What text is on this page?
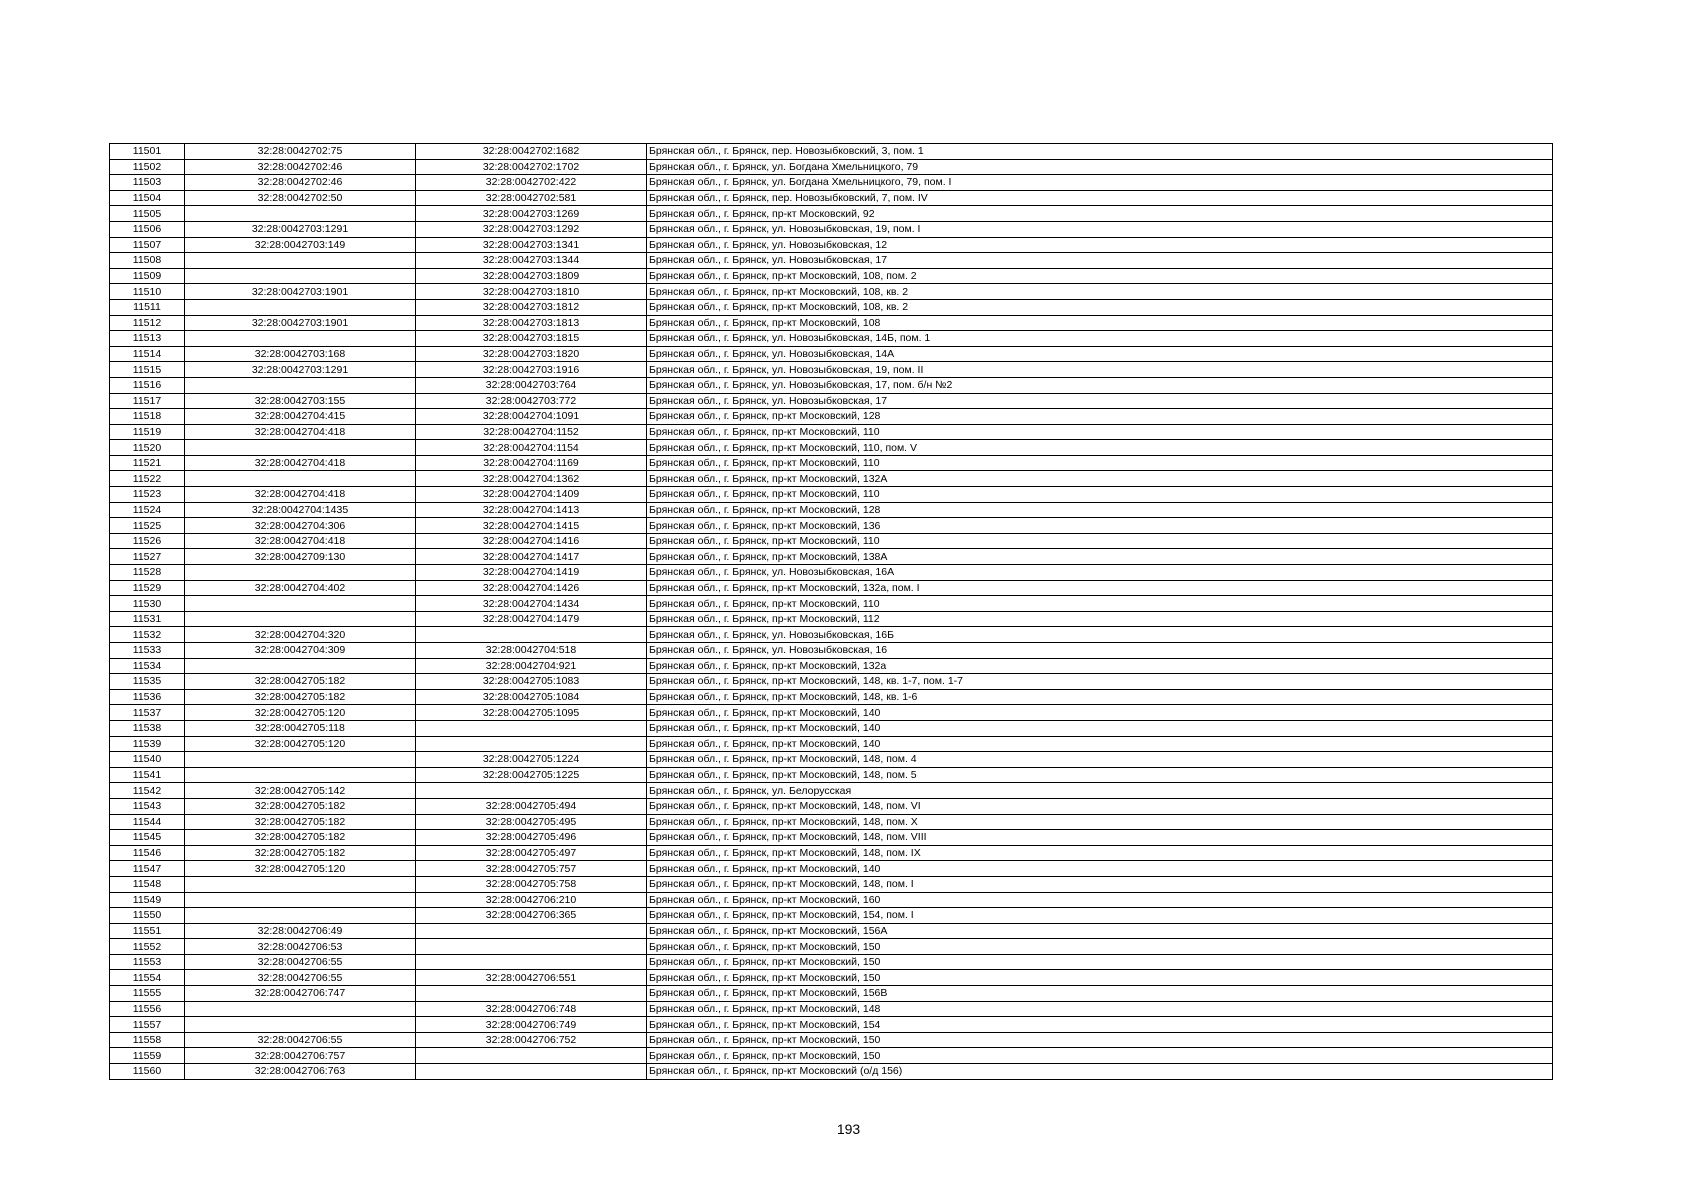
11501	32:28:0042702:75	32:28:0042702:1682	Брянская обл., г. Брянск, пер. Новозыбковский, 3, пом. 1
11502	32:28:0042702:46	32:28:0042702:1702	Брянская обл., г. Брянск, ул. Богдана Хмельницкого, 79
11503	32:28:0042702:46	32:28:0042702:422	Брянская обл., г. Брянск, ул. Богдана Хмельницкого, 79, пом. I
11504	32:28:0042702:50	32:28:0042702:581	Брянская обл., г. Брянск, пер. Новозыбковский, 7, пом. IV
11505		32:28:0042703:1269	Брянская обл., г. Брянск, пр-кт Московский, 92
11506	32:28:0042703:1291	32:28:0042703:1292	Брянская обл., г. Брянск, ул. Новозыбковская, 19, пом. I
11507	32:28:0042703:149	32:28:0042703:1341	Брянская обл., г. Брянск, ул. Новозыбковская, 12
11508		32:28:0042703:1344	Брянская обл., г. Брянск, ул. Новозыбковская, 17
11509		32:28:0042703:1809	Брянская обл., г. Брянск, пр-кт Московский, 108, пом. 2
11510	32:28:0042703:1901	32:28:0042703:1810	Брянская обл., г. Брянск, пр-кт Московский, 108, кв. 2
11511		32:28:0042703:1812	Брянская обл., г. Брянск, пр-кт Московский, 108, кв. 2
11512	32:28:0042703:1901	32:28:0042703:1813	Брянская обл., г. Брянск, пр-кт Московский, 108
11513		32:28:0042703:1815	Брянская обл., г. Брянск, ул. Новозыбковская, 14Б, пом. 1
11514	32:28:0042703:168	32:28:0042703:1820	Брянская обл., г. Брянск, ул. Новозыбковская, 14А
11515	32:28:0042703:1291	32:28:0042703:1916	Брянская обл., г. Брянск, ул. Новозыбковская, 19, пом. II
11516		32:28:0042703:764	Брянская обл., г. Брянск, ул. Новозыбковская, 17, пом. б/н №2
11517	32:28:0042703:155	32:28:0042703:772	Брянская обл., г. Брянск, ул. Новозыбковская, 17
11518	32:28:0042704:415	32:28:0042704:1091	Брянская обл., г. Брянск, пр-кт Московский, 128
11519	32:28:0042704:418	32:28:0042704:1152	Брянская обл., г. Брянск, пр-кт Московский, 110
11520		32:28:0042704:1154	Брянская обл., г. Брянск, пр-кт Московский, 110, пом. V
11521	32:28:0042704:418	32:28:0042704:1169	Брянская обл., г. Брянск, пр-кт Московский, 110
11522		32:28:0042704:1362	Брянская обл., г. Брянск, пр-кт Московский, 132А
11523	32:28:0042704:418	32:28:0042704:1409	Брянская обл., г. Брянск, пр-кт Московский, 110
11524	32:28:0042704:1435	32:28:0042704:1413	Брянская обл., г. Брянск, пр-кт Московский, 128
11525	32:28:0042704:306	32:28:0042704:1415	Брянская обл., г. Брянск, пр-кт Московский, 136
11526	32:28:0042704:418	32:28:0042704:1416	Брянская обл., г. Брянск, пр-кт Московский, 110
11527	32:28:0042709:130	32:28:0042704:1417	Брянская обл., г. Брянск, пр-кт Московский, 138А
11528		32:28:0042704:1419	Брянская обл., г. Брянск, ул. Новозыбковская, 16А
11529	32:28:0042704:402	32:28:0042704:1426	Брянская обл., г. Брянск, пр-кт Московский, 132а, пом. I
11530		32:28:0042704:1434	Брянская обл., г. Брянск, пр-кт Московский, 110
11531		32:28:0042704:1479	Брянская обл., г. Брянск, пр-кт Московский, 112
11532	32:28:0042704:320		Брянская обл., г. Брянск, ул. Новозыбковская, 16Б
11533	32:28:0042704:309	32:28:0042704:518	Брянская обл., г. Брянск, ул. Новозыбковская, 16
11534		32:28:0042704:921	Брянская обл., г. Брянск, пр-кт Московский, 132а
11535	32:28:0042705:182	32:28:0042705:1083	Брянская обл., г. Брянск, пр-кт Московский, 148, кв. 1-7, пом. 1-7
11536	32:28:0042705:182	32:28:0042705:1084	Брянская обл., г. Брянск, пр-кт Московский, 148, кв. 1-6
11537	32:28:0042705:120	32:28:0042705:1095	Брянская обл., г. Брянск, пр-кт Московский, 140
11538	32:28:0042705:118		Брянская обл., г. Брянск, пр-кт Московский, 140
11539	32:28:0042705:120		Брянская обл., г. Брянск, пр-кт Московский, 140
11540		32:28:0042705:1224	Брянская обл., г. Брянск, пр-кт Московский, 148, пом. 4
11541		32:28:0042705:1225	Брянская обл., г. Брянск, пр-кт Московский, 148, пом. 5
11542	32:28:0042705:142		Брянская обл., г. Брянск, ул. Белорусская
11543	32:28:0042705:182	32:28:0042705:494	Брянская обл., г. Брянск, пр-кт Московский, 148, пом. VI
11544	32:28:0042705:182	32:28:0042705:495	Брянская обл., г. Брянск, пр-кт Московский, 148, пом. X
11545	32:28:0042705:182	32:28:0042705:496	Брянская обл., г. Брянск, пр-кт Московский, 148, пом. VIII
11546	32:28:0042705:182	32:28:0042705:497	Брянская обл., г. Брянск, пр-кт Московский, 148, пом. IX
11547	32:28:0042705:120	32:28:0042705:757	Брянская обл., г. Брянск, пр-кт Московский, 140
11548		32:28:0042705:758	Брянская обл., г. Брянск, пр-кт Московский, 148, пом. I
11549		32:28:0042706:210	Брянская обл., г. Брянск, пр-кт Московский, 160
11550		32:28:0042706:365	Брянская обл., г. Брянск, пр-кт Московский, 154, пом. I
11551	32:28:0042706:49		Брянская обл., г. Брянск, пр-кт Московский, 156А
11552	32:28:0042706:53		Брянская обл., г. Брянск, пр-кт Московский, 150
11553	32:28:0042706:55		Брянская обл., г. Брянск, пр-кт Московский, 150
11554	32:28:0042706:55	32:28:0042706:551	Брянская обл., г. Брянск, пр-кт Московский, 150
11555	32:28:0042706:747		Брянская обл., г. Брянск, пр-кт Московский, 156В
11556		32:28:0042706:748	Брянская обл., г. Брянск, пр-кт Московский, 148
11557		32:28:0042706:749	Брянская обл., г. Брянск, пр-кт Московский, 154
11558	32:28:0042706:55	32:28:0042706:752	Брянская обл., г. Брянск, пр-кт Московский, 150
11559	32:28:0042706:757		Брянская обл., г. Брянск, пр-кт Московский, 150
11560	32:28:0042706:763		Брянская обл., г. Брянск, пр-кт Московский (о/д 156)
193
